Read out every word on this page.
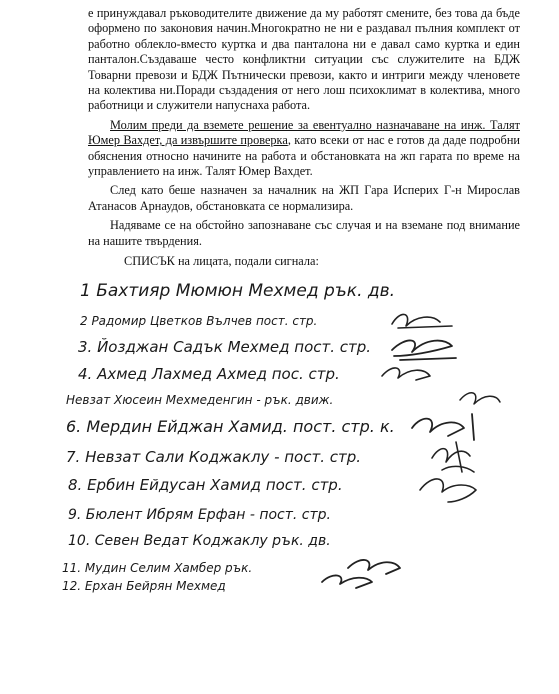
е принуждавал ръководителите движение да му работят смените, без това да бъде оформено по законовия начин.Многократно не ни е раздавал пълния комплект от работно облекло-вместо куртка и два панталона ни е давал само куртка и един панталон.Създаваше често конфликтни ситуации със служителите на БДЖ Товарни превози и БДЖ Пътнически превози, както и интриги между членовете на колектива ни.Поради създадения от него лош психоклимат в колектива, много работници и служители напуснаха работа.

Молим преди да вземете решение за евентуално назначаване на инж. Талят Юмер Вахдет, да извършите проверка, като всеки от нас е готов да даде подробни обяснения относно начините на работа и обстановката на жп гарата по време на управлението на инж. Талят Юмер Вахдет.

След като беше назначен за началник на ЖП Гара Исперих Г-н Мирослав Атанасов Арнаудов, обстановката се нормализира.

Надяваме се на обстойно запознаване със случая и на вземане под внимание на нашите твърдения.

СПИСЪК на лицата, подали сигнала:

1 Бахтияр Мюмюн Мехмед рък. дв.
2 Радомир Цветков Вълчев пост. стр.
3. Йозджан Садък Мехмед пост. стр.
4. Ахмед Лахмед Ахмед пос. стр.
Невзат Хюсеин Мехмеденгин - рък. движ.
6. Мердин Ейджан Хамид. пост. стр. к.
7. Невзат Сали Коджаклу - пост. стр.
8. Ербин Ейдусан Хамид пост. стр.
9. Бюлент Ибрям Ерфан - пост. стр.
10. Севен Ведат Коджаклу рък. дв.
11. Мудин Селим Хамбер рък.
12. Ерхан Бейрян Мехмед
